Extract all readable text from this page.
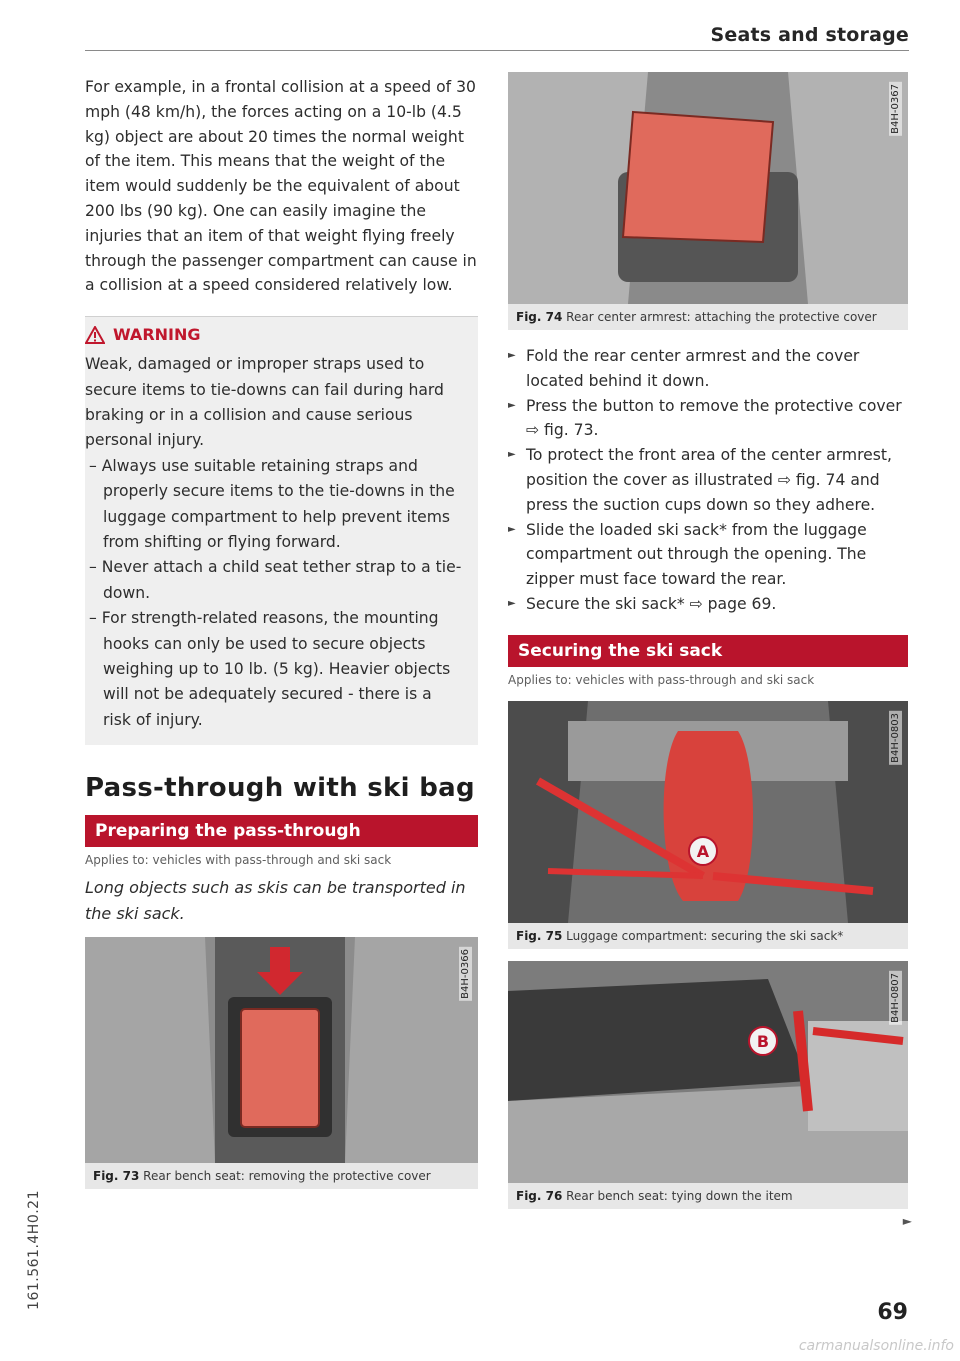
Seats and storage

For example, in a frontal collision at a speed of 30 mph (48 km/h), the forces acting on a 10-lb (4.5 kg) object are about 20 times the normal weight of the item. This means that the weight of the item would suddenly be the equivalent of about 200 lbs (90 kg). One can easily imagine the injuries that an item of that weight flying freely through the passenger compartment can cause in a collision at a speed considered relatively low.

WARNING

Weak, damaged or improper straps used to secure items to tie-downs can fail during hard braking or in a collision and cause serious personal injury.

– Always use suitable retaining straps and properly secure items to the tie-downs in the luggage compartment to help prevent items from shifting or flying forward.
– Never attach a child seat tether strap to a tie-down.
– For strength-related reasons, the mounting hooks can only be used to secure objects weighing up to 10 lb. (5 kg). Heavier objects will not be adequately secured - there is a risk of injury.
Pass-through with ski bag
Preparing the pass-through
Applies to: vehicles with pass-through and ski sack
Long objects such as skis can be transported in the ski sack.
B4H-0366
Fig. 73 Rear bench seat: removing the protective cover
B4H-0367
Fig. 74 Rear center armrest: attaching the protective cover
► Fold the rear center armrest and the cover located behind it down.
► Press the button to remove the protective cover ⇨ fig. 73.
► To protect the front area of the center armrest, position the cover as illustrated ⇨ fig. 74 and press the suction cups down so they adhere.
► Slide the loaded ski sack* from the luggage compartment out through the opening. The zipper must face toward the rear.
► Secure the ski sack* ⇨ page 69.
Securing the ski sack
Applies to: vehicles with pass-through and ski sack
A
B4H-0803
Fig. 75 Luggage compartment: securing the ski sack*
B
B4H-0807
Fig. 76 Rear bench seat: tying down the item
►
161.561.4H0.21
69
carmanualsonline.info
